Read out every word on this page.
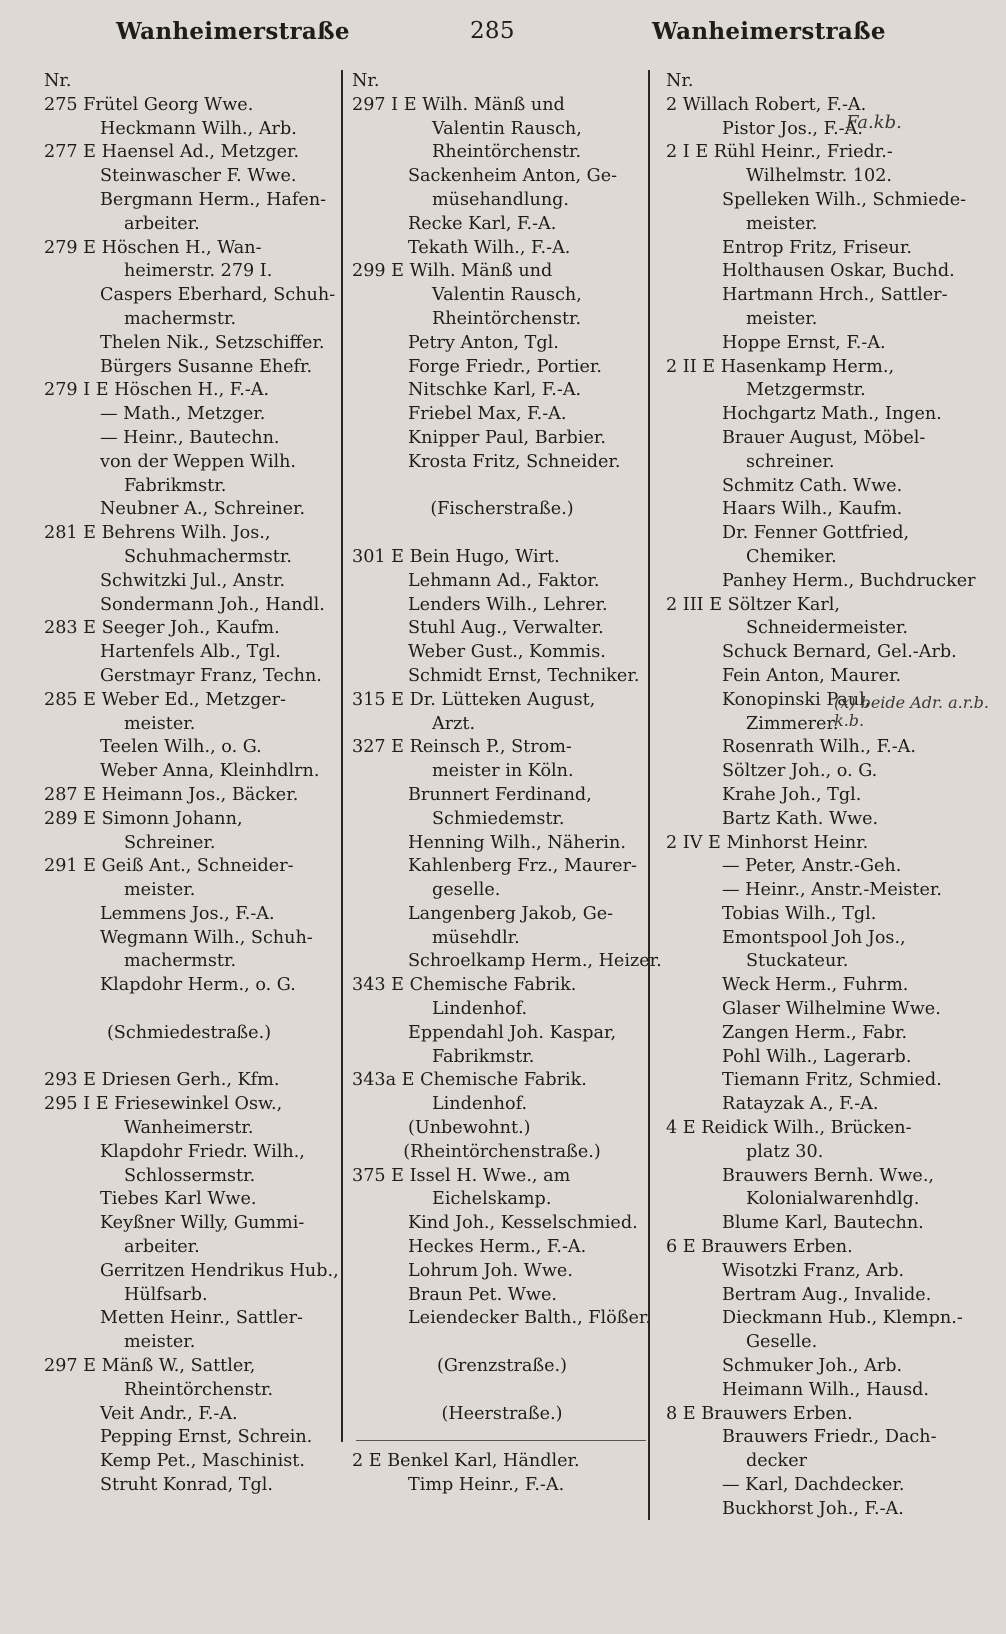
Wanheimerstraße	285	Wanheimerstraße
Nr.
275 Frütel Georg Wwe.
Heckmann Wilh., Arb.
277 E Haensel Ad., Metzger.
Steinwascher F. Wwe.
Bergmann Herm., Hafen-
arbeiter.
279 E Höschen H., Wan-
heimerstr. 279 I.
Caspers Eberhard, Schuh-
machermstr.
Thelen Nik., Setzschiffer.
Bürgers Susanne Ehefr.
279 I E Höschen H., F.-A.
— Math., Metzger.
— Heinr., Bautechn.
von der Weppen Wilh.
Fabrikmstr.
Neubner A., Schreiner.
281 E Behrens Wilh. Jos.,
Schuhmachermstr.
Schwitzki Jul., Anstr.
Sondermann Joh., Handl.
283 E Seeger Joh., Kaufm.
Hartenfels Alb., Tgl.
Gerstmayr Franz, Techn.
285 E Weber Ed., Metzger-
meister.
Teelen Wilh., o. G.
Weber Anna, Kleinhdlrn.
287 E Heimann Jos., Bäcker.
289 E Simonn Johann,
Schreiner.
291 E Geiß Ant., Schneider-
meister.
Lemmens Jos., F.-A.
Wegmann Wilh., Schuh-
machermstr.
Klapdohr Herm., o. G.
(Schmiedestraße.)
293 E Driesen Gerh., Kfm.
295 I E Friesewinkel Osw.,
Wanheimerstr.
Klapdohr Friedr. Wilh.,
Schlossermstr.
Tiebes Karl Wwe.
Keyßner Willy, Gummi-
arbeiter.
Gerritzen Hendrikus Hub.,
Hülfsarb.
Metten Heinr., Sattler-
meister.
297 E Mänß W., Sattler,
Rheintörchenstr.
Veit Andr., F.-A.
Pepping Ernst, Schrein.
Kemp Pet., Maschinist.
Struht Konrad, Tgl.
Nr.
297 I E Wilh. Mänß und
Valentin Rausch,
Rheintörchenstr.
Sackenheim Anton, Ge-
müsehandlung.
Recke Karl, F.-A.
Tekath Wilh., F.-A.
299 E Wilh. Mänß und
Valentin Rausch,
Rheintörchenstr.
Petry Anton, Tgl.
Forge Friedr., Portier.
Nitschke Karl, F.-A.
Friebel Max, F.-A.
Knipper Paul, Barbier.
Krosta Fritz, Schneider.
(Fischerstraße.)
301 E Bein Hugo, Wirt.
Lehmann Ad., Faktor.
Lenders Wilh., Lehrer.
Stuhl Aug., Verwalter.
Weber Gust., Kommis.
Schmidt Ernst, Techniker.
315 E Dr. Lütteken August,
Arzt.
327 E Reinsch P., Strom-
meister in Köln.
Brunnert Ferdinand,
Schmiedemstr.
Henning Wilh., Näherin.
Kahlenberg Frz., Maurer-
geselle.
Langenberg Jakob, Ge-
müsehdlr.
Schroelkamp Herm., Heizer.
343 E Chemische Fabrik.
Lindenhof.
Eppendahl Joh. Kaspar,
Fabrikmstr.
343a E Chemische Fabrik.
Lindenhof.
(Unbewohnt.)
(Rheintörchenstraße.)
375 E Issel H. Wwe., am
Eichelskamp.
Kind Joh., Kesselschmied.
Heckes Herm., F.-A.
Lohrum Joh. Wwe.
Braun Pet. Wwe.
Leiendecker Balth., Flößer.
(Grenzstraße.)
(Heerstraße.)
2 E Benkel Karl, Händler.
Timp Heinr., F.-A.
Nr.
2 Willach Robert, F.-A.
Pistor Jos., F.-A.
2 I E Rühl Heinr., Friedr.-
Wilhelmstr. 102.
Spelleken Wilh., Schmiede-
meister.
Entrop Fritz, Friseur.
Holthausen Oskar, Buchd.
Hartmann Hrch., Sattler-
meister.
Hoppe Ernst, F.-A.
2 II E Hasenkamp Herm.,
Metzgermstr.
Hochgartz Math., Ingen.
Brauer August, Möbel-
schreiner.
Schmitz Cath. Wwe.
Haars Wilh., Kaufm.
Dr. Fenner Gottfried,
Chemiker.
Panhey Herm., Buchdrucker
2 III E Söltzer Karl,
Schneidermeister.
Schuck Bernard, Gel.-Arb.
Fein Anton, Maurer.
Konopinski Paul,
Zimmerer.
Rosenrath Wilh., F.-A.
Söltzer Joh., o. G.
Krahe Joh., Tgl.
Bartz Kath. Wwe.
2 IV E Minhorst Heinr.
— Peter, Anstr.-Geh.
— Heinr., Anstr.-Meister.
Tobias Wilh., Tgl.
Emontspool Joh Jos.,
Stuckateur.
Weck Herm., Fuhrm.
Glaser Wilhelmine Wwe.
Zangen Herm., Fabr.
Pohl Wilh., Lagerarb.
Tiemann Fritz, Schmied.
Ratayzak A., F.-A.
4 E Reidick Wilh., Brücken-
platz 30.
Brauwers Bernh. Wwe.,
Kolonialwarenhdlg.
Blume Karl, Bautechn.
6 E Brauwers Erben.
Wisotzki Franz, Arb.
Bertram Aug., Invalide.
Dieckmann Hub., Klempn.-
Geselle.
Schmuker Joh., Arb.
Heimann Wilh., Hausd.
8 E Brauwers Erben.
Brauwers Friedr., Dach-
decker
— Karl, Dachdecker.
Buckhorst Joh., F.-A.
Fa.kb.
(x) beide Adr. a.r.b. k.b.
